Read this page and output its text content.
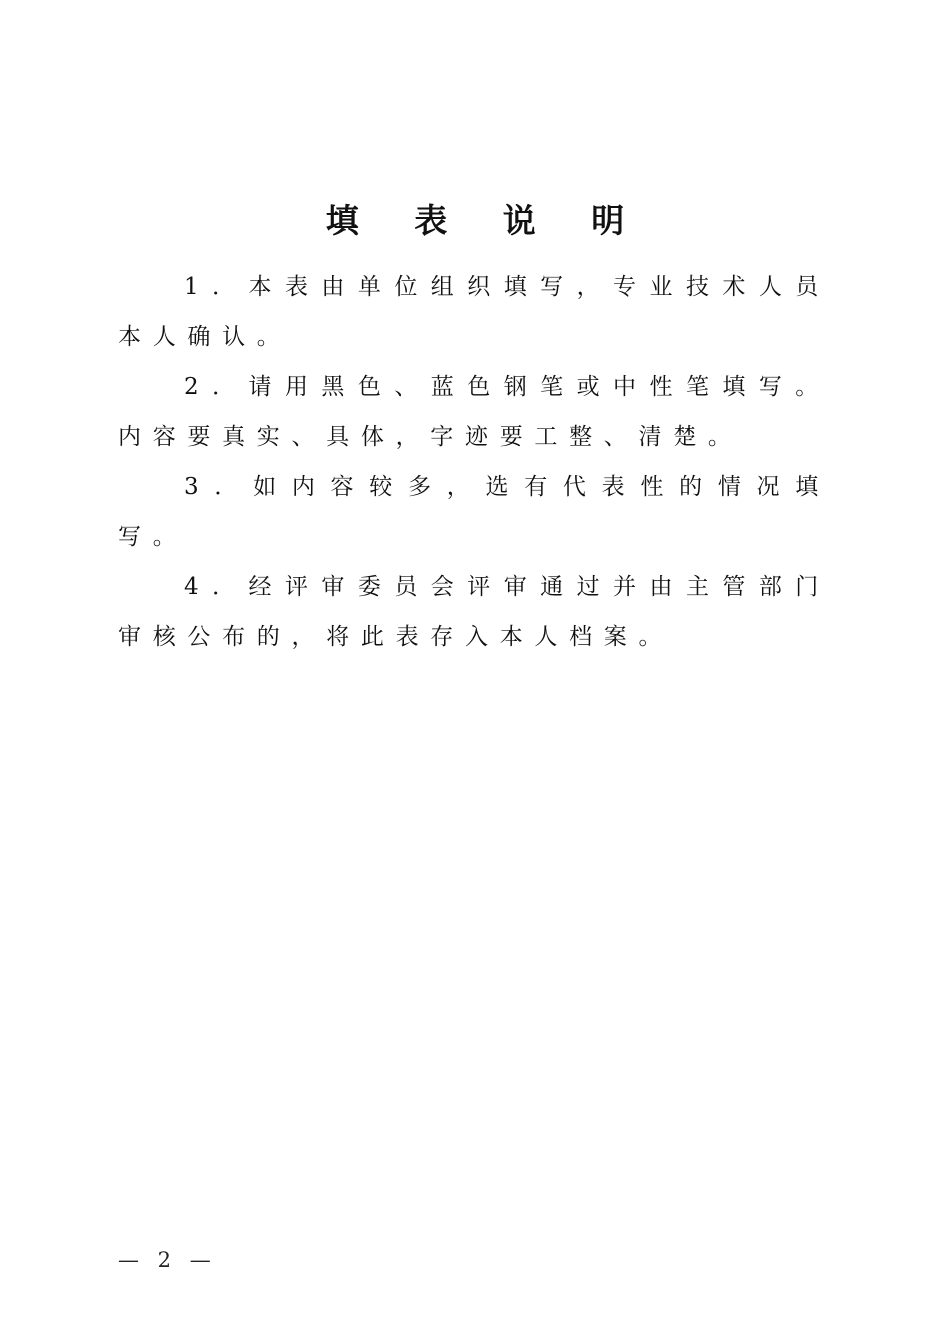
填 表 说 明

1．本表由单位组织填写，专业技术人员本人确认。

2．请用黑色、蓝色钢笔或中性笔填写。内容要真实、具体，字迹要工整、清楚。

3．如内容较多，选有代表性的情况填写。

4．经评审委员会评审通过并由主管部门审核公布的，将此表存入本人档案。

— 2 —
